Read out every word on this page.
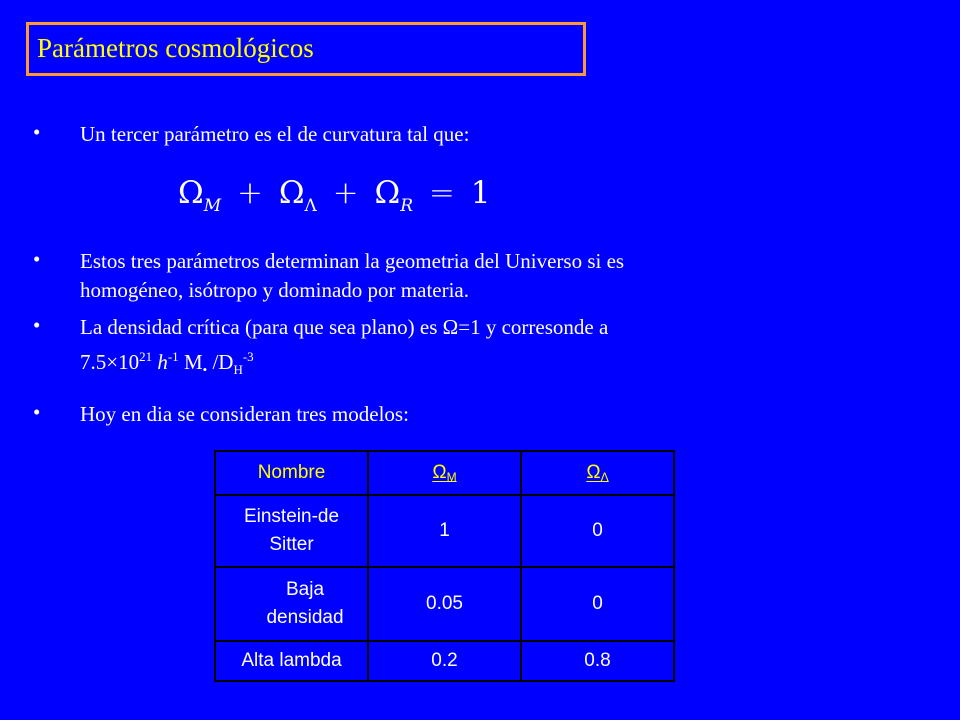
Parámetros cosmológicos
• Un tercer parámetro es el de curvatura tal que:
$\Omega_M + \Omega_\Lambda + \Omega_R = 1$
• Estos tres parámetros determinan la geometria del Universo si es
homogéneo, isótropo y dominado por materia.
• La densidad crítica (para que sea plano) es Ω=1 y corresonde a
$7.5\times 10^{21}$ $h^{-1}$ $M_•$ $/D_H^{-3}$
• Hoy en dia se consideran tres modelos:
Nombre	$\Omega_M$	$\Omega_\Lambda$
Einstein-de Sitter	1	0
Baja densidad	0.05	0
Alta lambda	0.2	0.8
